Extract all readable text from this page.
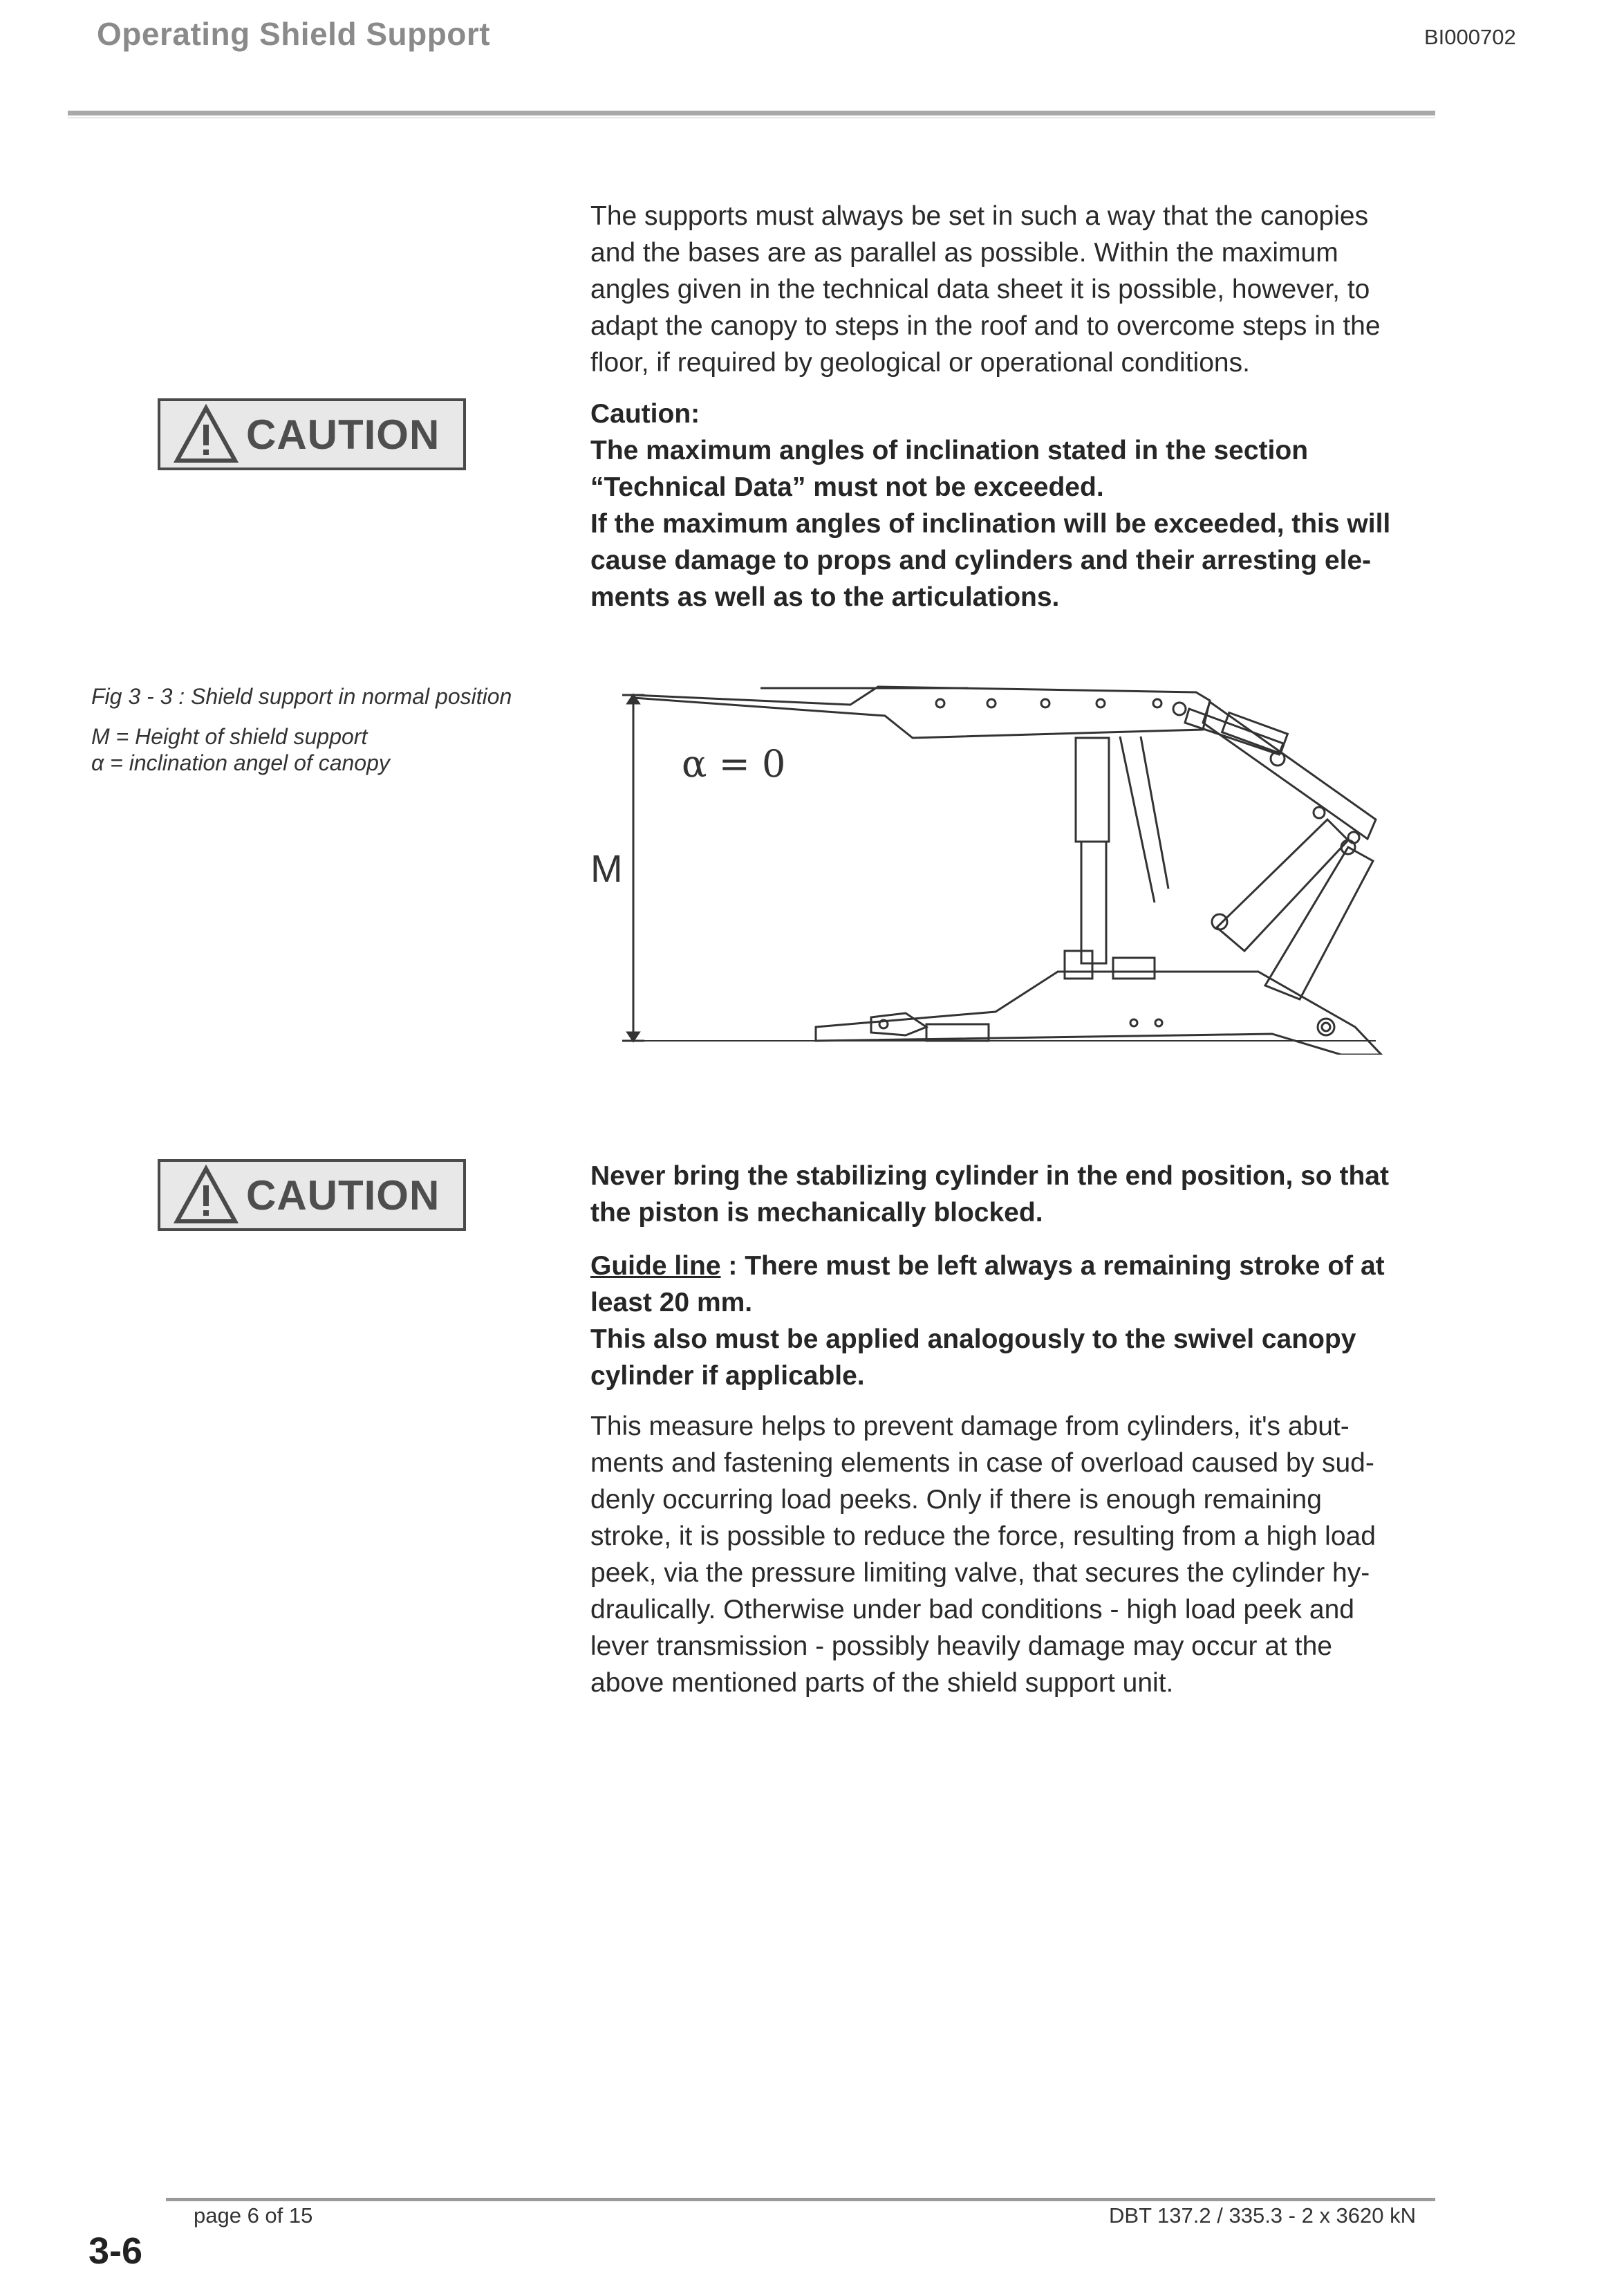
Operating Shield Support	BI000702
The supports must always be set in such a way that the canopies
and the bases are as parallel as possible. Within the maximum
angles given in the technical data sheet it is possible, however, to
adapt the canopy to steps in the roof and to overcome steps in the
floor, if required by geological or operational conditions.
CAUTION	Caution:
The maximum angles of inclination stated in the section
“Technical Data” must not be exceeded.
If the maximum angles of inclination will be exceeded, this will
cause damage to props and cylinders and their arresting ele-
ments as well as to the articulations.
Fig 3 - 3 : Shield support in normal position
M = Height of shield support
α = inclination angel of canopy	α = 0
M
CAUTION	Never bring the stabilizing cylinder in the end position, so that
the piston is mechanically blocked.
Guide line : There must be left always a remaining stroke of at
least 20 mm.
This also must be applied analogously to the swivel canopy
cylinder if applicable.
This measure helps to prevent damage from cylinders, it's abut-
ments and fastening elements in case of overload caused by sud-
denly occurring load peeks. Only if there is enough remaining
stroke, it is possible to reduce the force, resulting from a high load
peek, via the pressure limiting valve, that secures the cylinder hy-
draulically. Otherwise under bad conditions - high load peek and
lever transmission - possibly heavily damage may occur at the
above mentioned parts of the shield support unit.
page 6 of 15	DBT 137.2 / 335.3 - 2 x 3620 kN
3-6
